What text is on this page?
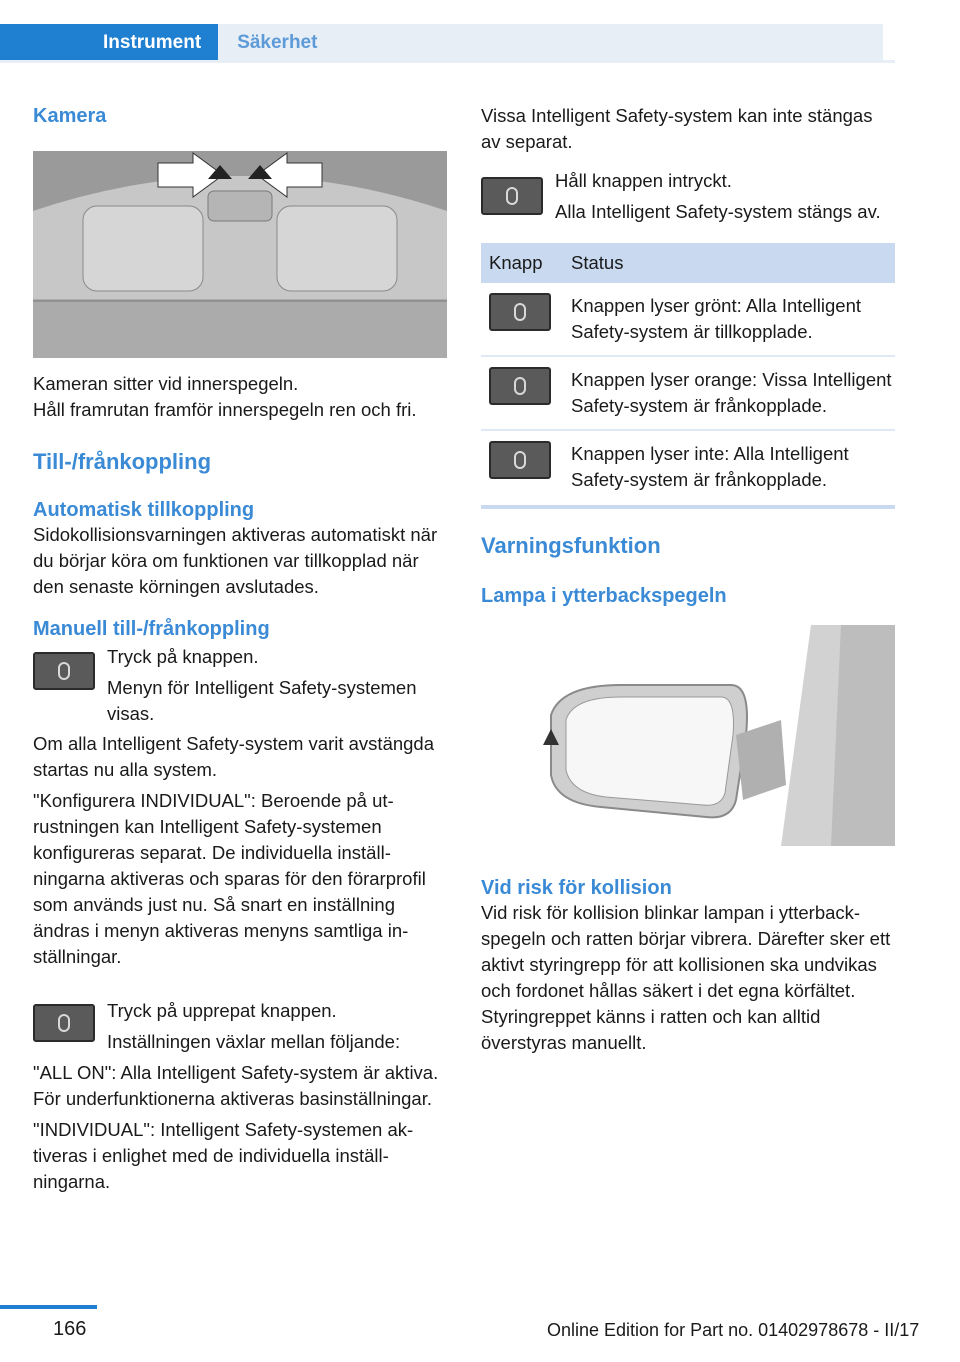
Instrument	Säkerhet
Kamera

Kameran sitter vid innerspegeln.

Håll framrutan framför innerspegeln ren och fri.

Till-/frånkoppling
Automatisk tillkoppling

Sidokollisionsvarningen aktiveras automatiskt när du börjar köra om funktionen var tillkopplad när den senaste körningen avslutades.

Manuell till-/frånkoppling

Tryck på knappen.

Menyn för Intelligent Safety-systemen visas.

Om alla Intelligent Safety-system varit avstängda startas nu alla system.

"Konfigurera INDIVIDUAL": Beroende på utrustningen kan Intelligent Safety-systemen konfigureras separat. De individuella inställningarna aktiveras och sparas för den förarprofil som används just nu. Så snart en inställning ändras i menyn aktiveras menyns samtliga inställningar.

Tryck på upprepat knappen.

Inställningen växlar mellan följande:

"ALL ON": Alla Intelligent Safety-system är aktiva. För underfunktionerna aktiveras basinställningar.

"INDIVIDUAL": Intelligent Safety-systemen aktiveras i enlighet med de individuella inställningarna.

Vissa Intelligent Safety-system kan inte stängas av separat.

Håll knappen intryckt.

Alla Intelligent Safety-system stängs av.

Knapp	Status

	Knappen lyser grönt: Alla Intelligent Safety-system är tillkopplade.

	Knappen lyser orange: Vissa Intelligent Safety-system är frånkopplade.

	Knappen lyser inte: Alla Intelligent Safety-system är frånkopplade.
Varningsfunktion
Lampa i ytterbackspegeln
Vid risk för kollision

Vid risk för kollision blinkar lampan i ytterbackspegeln och ratten börjar vibrera. Därefter sker ett aktivt styringrepp för att kollisionen ska undvikas och fordonet hållas säkert i det egna körfältet. Styringreppet känns i ratten och kan alltid överstyras manuellt.

166	Online Edition for Part no. 01402978678 - II/17
